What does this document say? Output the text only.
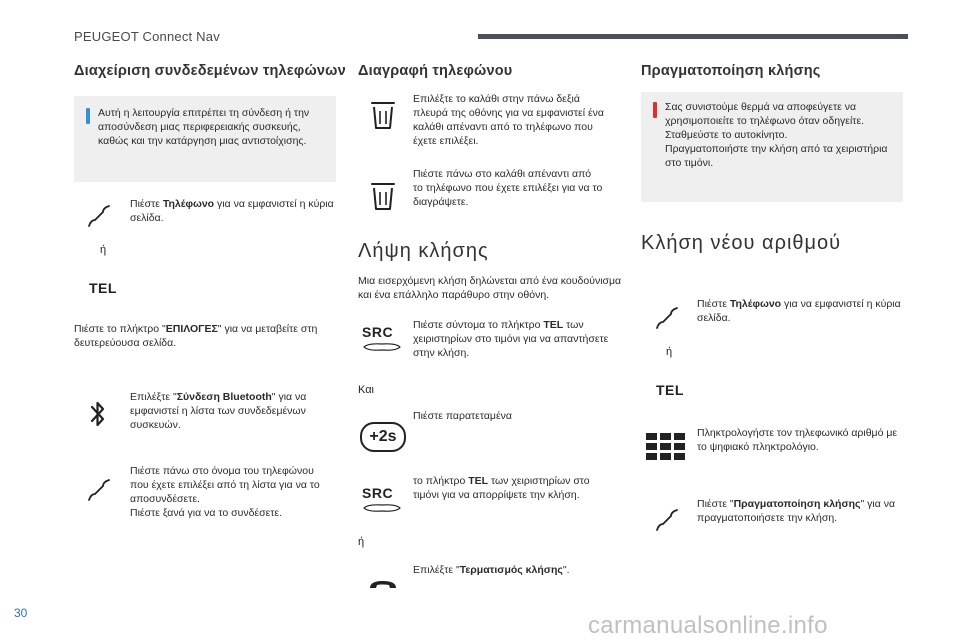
PEUGEOT Connect Nav
Διαχείριση συνδεδεμένων τηλεφώνων
Αυτή η λειτουργία επιτρέπει τη σύνδεση ή την
αποσύνδεση μιας περιφερειακής συσκευής,
καθώς και την κατάργηση μιας αντιστοίχισης.
Πιέστε Τηλέφωνο για να εμφανιστεί η κύρια
σελίδα.
ή
TEL
Πιέστε το πλήκτρο "ΕΠΙΛΟΓΕΣ" για να μεταβείτε στη
δευτερεύουσα σελίδα.
Επιλέξτε "Σύνδεση Bluetooth" για να
εμφανιστεί η λίστα των συνδεδεμένων
συσκευών.
Πιέστε πάνω στο όνομα του τηλεφώνου
που έχετε επιλέξει από τη λίστα για να το
αποσυνδέσετε.
Πιέστε ξανά για να το συνδέσετε.
Διαγραφή τηλεφώνου
Επιλέξτε το καλάθι στην πάνω δεξιά
πλευρά της οθόνης για να εμφανιστεί ένα
καλάθι απέναντι από το τηλέφωνο που
έχετε επιλέξει.
Πιέστε πάνω στο καλάθι απέναντι από
το τηλέφωνο που έχετε επιλέξει για να το
διαγράψετε.
Λήψη κλήσης
Μια εισερχόμενη κλήση δηλώνεται από ένα κουδούνισμα
και ένα επάλληλο παράθυρο στην οθόνη.
SRC	Πιέστε σύντομα το πλήκτρο TEL των
χειριστηρίων στο τιμόνι για να απαντήσετε
στην κλήση.
Και
+2s
Πιέστε παρατεταμένα
SRC
το πλήκτρο TEL των χειριστηρίων στο
τιμόνι για να απορρίψετε την κλήση.
ή
Επιλέξτε "Τερματισμός κλήσης".
Πραγματοποίηση κλήσης
Σας συνιστούμε θερμά να αποφεύγετε να
χρησιμοποιείτε το τηλέφωνο όταν οδηγείτε.
Σταθμεύστε το αυτοκίνητο.
Πραγματοποιήστε την κλήση από τα χειριστήρια
στο τιμόνι.
Κλήση νέου αριθμού
Πιέστε Τηλέφωνο για να εμφανιστεί η κύρια
σελίδα.
ή
TEL
Πληκτρολογήστε τον τηλεφωνικό αριθμό με
το ψηφιακό πληκτρολόγιο.
Πιέστε "Πραγματοποίηση κλήσης" για να
πραγματοποιήσετε την κλήση.
30	carmanualsonline.info
